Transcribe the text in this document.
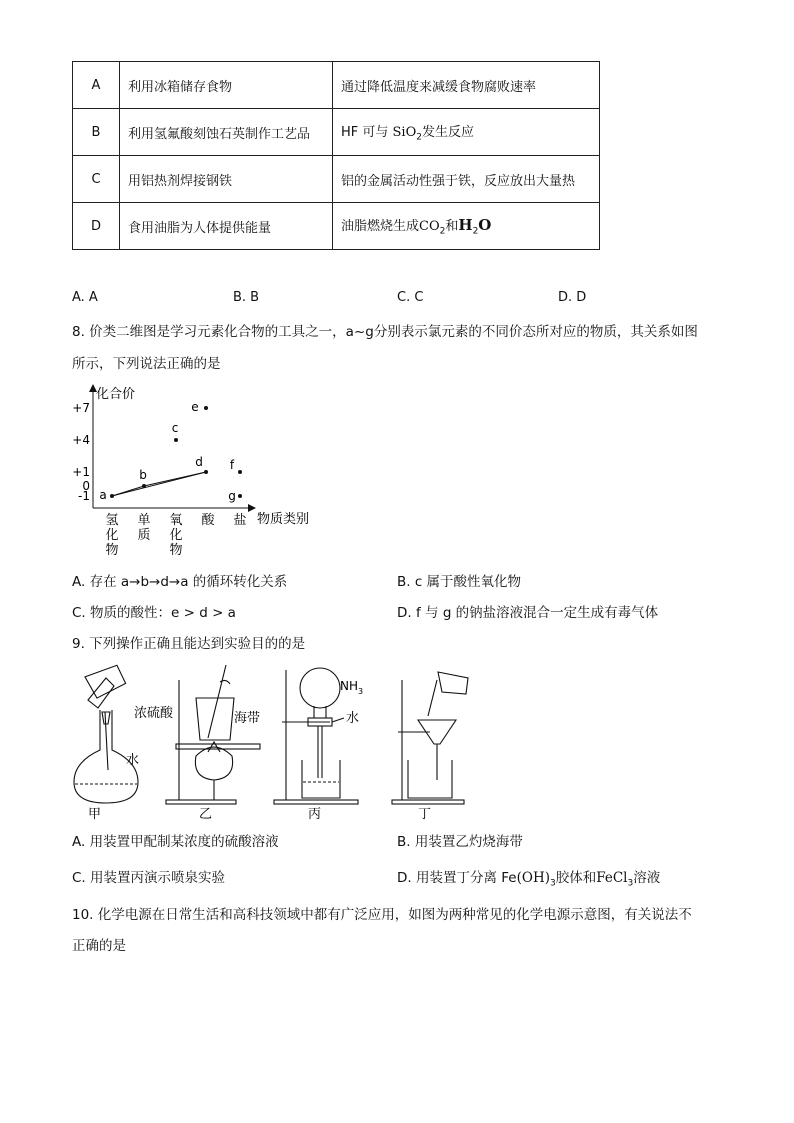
A	利用冰箱储存食物	通过降低温度来减缓食物腐败速率
B	利用氢氟酸刻蚀石英制作工艺品	HF 可与 SiO$_2$发生反应
C	用铝热剂焊接钢铁	铝的金属活动性强于铁，反应放出大量热
D	食用油脂为人体提供能量	油脂燃烧生成$CO_2$和$H_2O$
A. A	B. B	C. C	D. D
8. 价类二维图是学习元素化合物的工具之一，a~g分别表示氯元素的不同价态所对应的物质，其关系如图
所示，下列说法正确的是
化合价
物质类别
+7
+4
+1
0
-1
氢
化
物
单
质
氧
化
物
酸 盐
a
b
c
d
e
f
g
A. 存在 a→b→d→a 的循环转化关系	B. c 属于酸性氧化物
C. 物质的酸性：e > d > a	D. f 与 g 的钠盐溶液混合一定生成有毒气体
9. 下列操作正确且能达到实验目的的是
浓硫酸
水
海带
$NH_3$
水
甲	乙	丙	丁
A. 用装置甲配制某浓度的硫酸溶液	B. 用装置乙灼烧海带
C. 用装置丙演示喷泉实验	D. 用装置丁分离 $Fe(OH)_3$胶体和FeCl$_3$溶液
10. 化学电源在日常生活和高科技领域中都有广泛应用，如图为两种常见的化学电源示意图，有关说法不
正确的是
